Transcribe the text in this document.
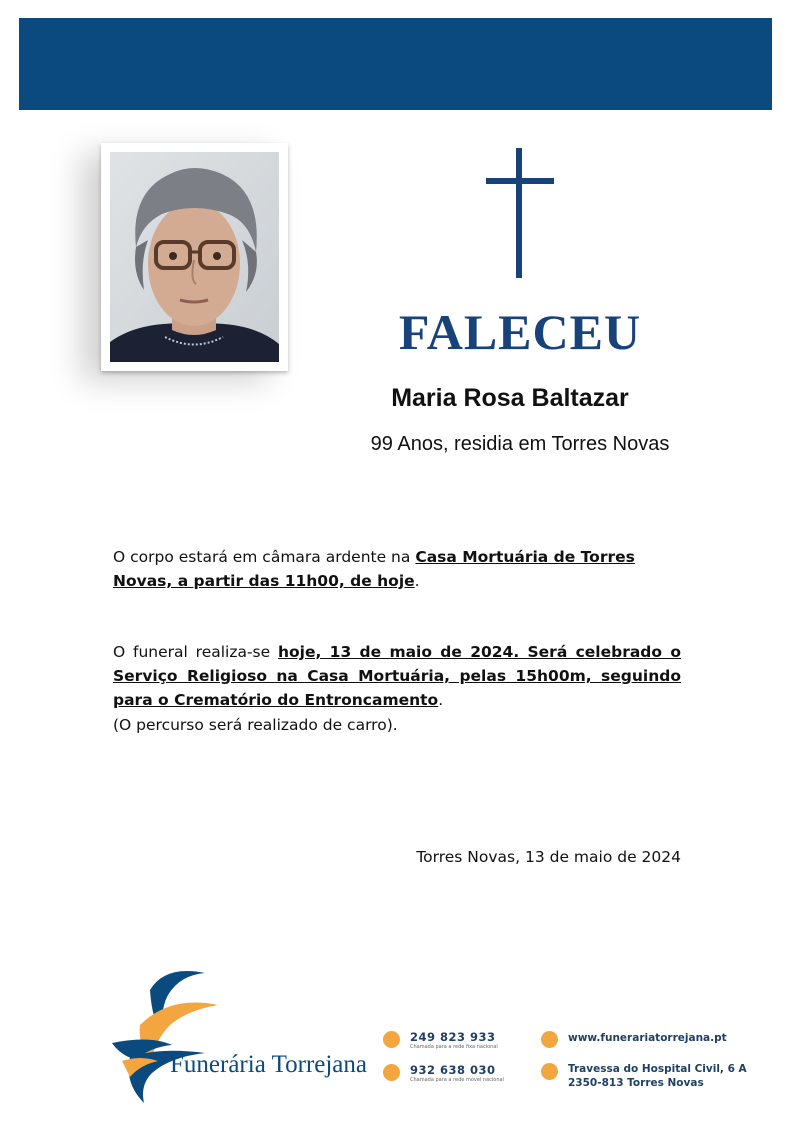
FALECEU
Maria Rosa Baltazar
99 Anos, residia em Torres Novas
O corpo estará em câmara ardente na Casa Mortuária de Torres Novas, a partir das 11h00, de hoje.
O funeral realiza-se hoje, 13 de maio de 2024. Será celebrado o Serviço Religioso na Casa Mortuária, pelas 15h00m, seguindo para o Crematório do Entroncamento.
(O percurso será realizado de carro).
Torres Novas, 13 de maio de 2024
Funerária Torrejana
249 823 933
Chamada para a rede fixa nacional
932 638 030
Chamada para a rede móvel nacional
www.funerariatorrejana.pt
Travessa do Hospital Civil, 6 A
2350-813 Torres Novas
